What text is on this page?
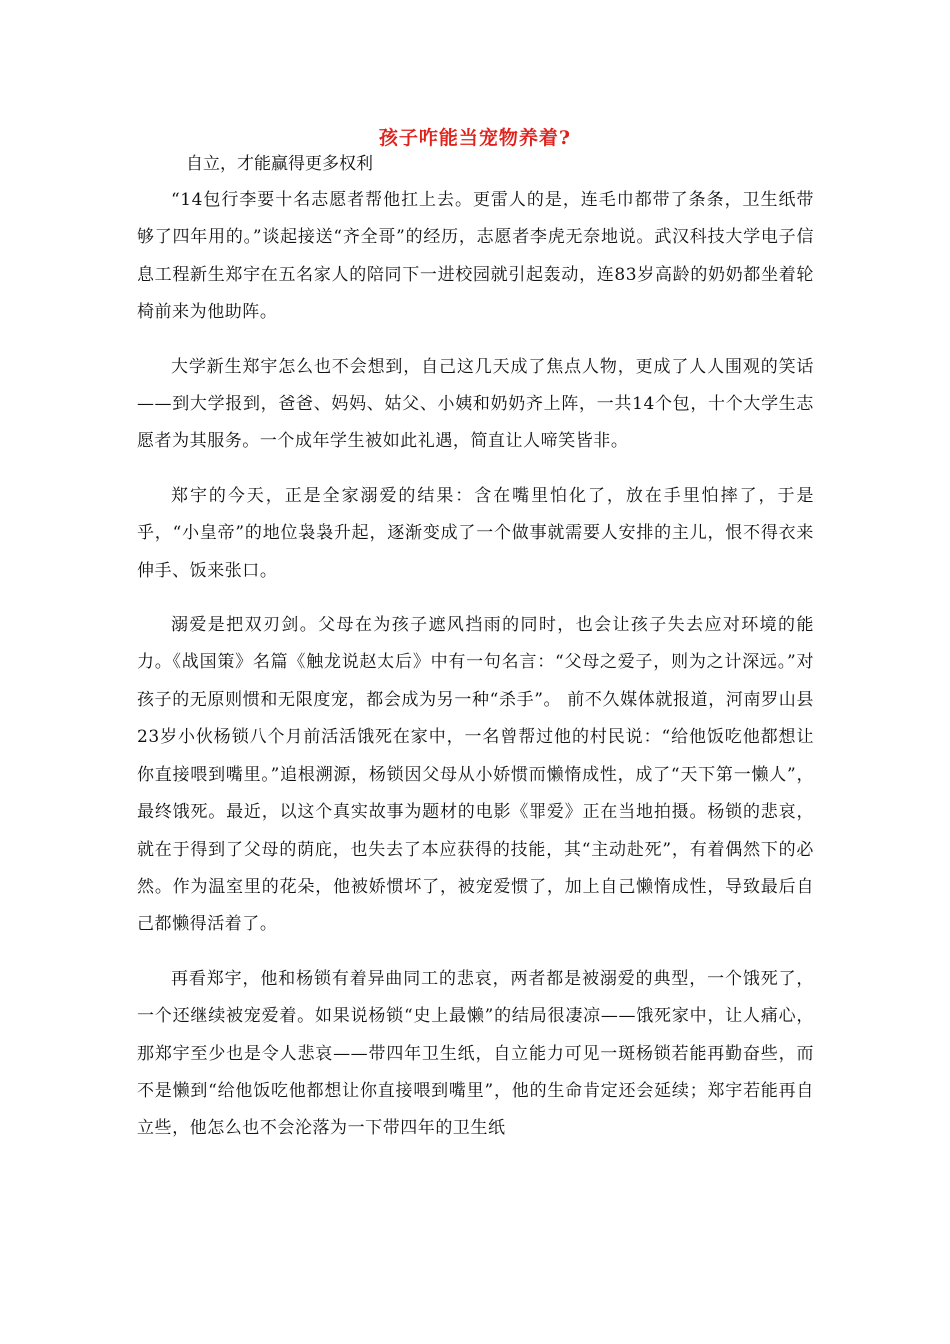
孩子咋能当宠物养着?
自立，才能赢得更多权利

“14包行李要十名志愿者帮他扛上去。更雷人的是，连毛巾都带了条条，卫生纸带够了四年用的。”谈起接送“齐全哥”的经历，志愿者李虎无奈地说。武汉科技大学电子信息工程新生郑宇在五名家人的陪同下一进校园就引起轰动，连83岁高龄的奶奶都坐着轮椅前来为他助阵。

大学新生郑宇怎么也不会想到，自己这几天成了焦点人物，更成了人人围观的笑话——到大学报到，爸爸、妈妈、姑父、小姨和奶奶齐上阵，一共14个包，十个大学生志愿者为其服务。一个成年学生被如此礼遇，简直让人啼笑皆非。

郑宇的今天，正是全家溺爱的结果：含在嘴里怕化了，放在手里怕摔了，于是乎，“小皇帝”的地位袅袅升起，逐渐变成了一个做事就需要人安排的主儿，恨不得衣来伸手、饭来张口。

溺爱是把双刃剑。父母在为孩子遮风挡雨的同时，也会让孩子失去应对环境的能力。《战国策》名篇《触龙说赵太后》中有一句名言：“父母之爱子，则为之计深远。”对孩子的无原则惯和无限度宠，都会成为另一种“杀手”。 前不久媒体就报道，河南罗山县23岁小伙杨锁八个月前活活饿死在家中，一名曾帮过他的村民说：“给他饭吃他都想让你直接喂到嘴里。”追根溯源，杨锁因父母从小娇惯而懒惰成性，成了“天下第一懒人”，最终饿死。最近，以这个真实故事为题材的电影《罪爱》正在当地拍摄。杨锁的悲哀，就在于得到了父母的荫庇，也失去了本应获得的技能，其“主动赴死”，有着偶然下的必然。作为温室里的花朵，他被娇惯坏了，被宠爱惯了，加上自己懒惰成性，导致最后自己都懒得活着了。

再看郑宇，他和杨锁有着异曲同工的悲哀，两者都是被溺爱的典型，一个饿死了，一个还继续被宠爱着。如果说杨锁“史上最懒”的结局很凄凉——饿死家中，让人痛心，那郑宇至少也是令人悲哀——带四年卫生纸，自立能力可见一斑杨锁若能再勤奋些，而不是懒到“给他饭吃他都想让你直接喂到嘴里”，他的生命肯定还会延续；郑宇若能再自立些，他怎么也不会沦落为一下带四年的卫生纸
